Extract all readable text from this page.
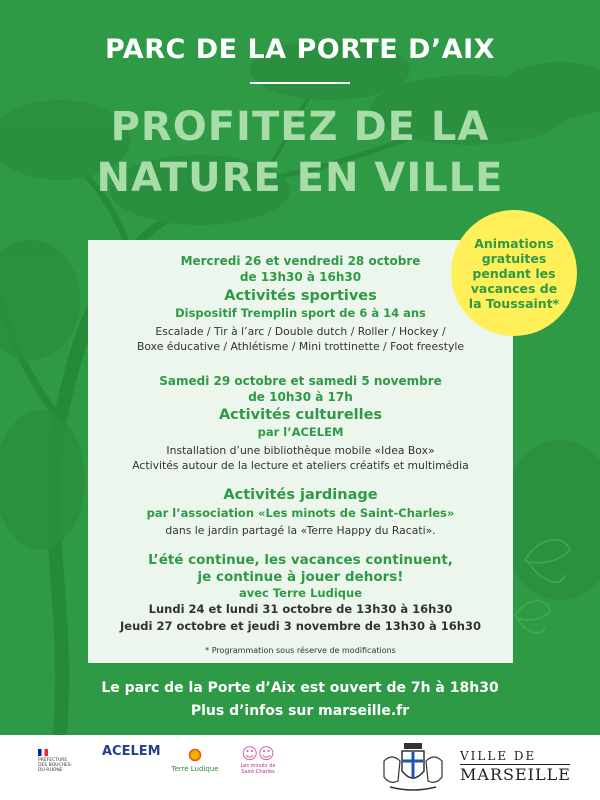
PARC DE LA PORTE D’AIX
PROFITEZ DE LA
NATURE EN VILLE
Animations
gratuites
pendant les
vacances de
la Toussaint*
Mercredi 26 et vendredi 28 octobre
de 13h30 à 16h30
Activités sportives
Dispositif Tremplin sport de 6 à 14 ans
Escalade / Tir à l’arc / Double dutch / Roller / Hockey /
Boxe éducative / Athlétisme / Mini trottinette / Foot freestyle
Samedi 29 octobre et samedi 5 novembre
de 10h30 à 17h
Activités culturelles
par l’ACELEM
Installation d’une bibliothèque mobile «Idea Box»
Activités autour de la lecture et ateliers créatifs et multimédia
Activités jardinage
par l’association «Les minots de Saint-Charles»
dans le jardin partagé la «Terre Happy du Racati».
L’été continue, les vacances continuent,
je continue à jouer dehors!
avec Terre Ludique
Lundi 24 et lundi 31 octobre de 13h30 à 16h30
Jeudi 27 octobre et jeudi 3 novembre de 13h30 à 16h30
* Programmation sous réserve de modifications
Le parc de la Porte d’Aix est ouvert de 7h à 18h30
Plus d’infos sur marseille.fr
PRÉFECTURE
DES BOUCHES-
DU-RHÔNE
ACELEM
Terre Ludique
☺☺
Les minots de Saint-Charles
VILLE DE
MARSEILLE
